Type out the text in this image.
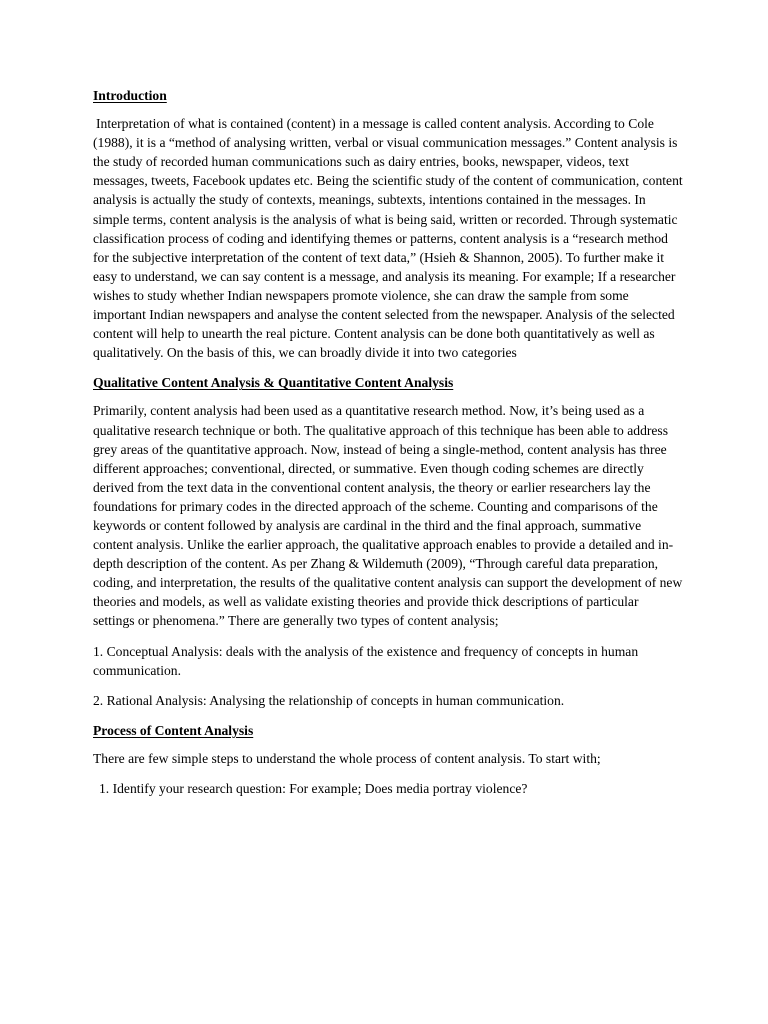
Introduction

Interpretation of what is contained (content) in a message is called content analysis. According to Cole (1988), it is a “method of analysing written, verbal or visual communication messages.” Content analysis is the study of recorded human communications such as dairy entries, books, newspaper, videos, text messages, tweets, Facebook updates etc. Being the scientific study of the content of communication, content analysis is actually the study of contexts, meanings, subtexts, intentions contained in the messages. In simple terms, content analysis is the analysis of what is being said, written or recorded. Through systematic classification process of coding and identifying themes or patterns, content analysis is a “research method for the subjective interpretation of the content of text data,” (Hsieh & Shannon, 2005). To further make it easy to understand, we can say content is a message, and analysis its meaning. For example; If a researcher wishes to study whether Indian newspapers promote violence, she can draw the sample from some important Indian newspapers and analyse the content selected from the newspaper. Analysis of the selected content will help to unearth the real picture. Content analysis can be done both quantitatively as well as qualitatively. On the basis of this, we can broadly divide it into two categories

Qualitative Content Analysis & Quantitative Content Analysis

Primarily, content analysis had been used as a quantitative research method. Now, it’s being used as a qualitative research technique or both. The qualitative approach of this technique has been able to address grey areas of the quantitative approach. Now, instead of being a single-method, content analysis has three different approaches; conventional, directed, or summative. Even though coding schemes are directly derived from the text data in the conventional content analysis, the theory or earlier researchers lay the foundations for primary codes in the directed approach of the scheme. Counting and comparisons of the keywords or content followed by analysis are cardinal in the third and the final approach, summative content analysis. Unlike the earlier approach, the qualitative approach enables to provide a detailed and in-depth description of the content. As per Zhang & Wildemuth (2009), “Through careful data preparation, coding, and interpretation, the results of the qualitative content analysis can support the development of new theories and models, as well as validate existing theories and provide thick descriptions of particular settings or phenomena.” There are generally two types of content analysis;

1. Conceptual Analysis: deals with the analysis of the existence and frequency of concepts in human communication.

2. Rational Analysis: Analysing the relationship of concepts in human communication.

Process of Content Analysis

There are few simple steps to understand the whole process of content analysis. To start with;

1. Identify your research question: For example; Does media portray violence?
